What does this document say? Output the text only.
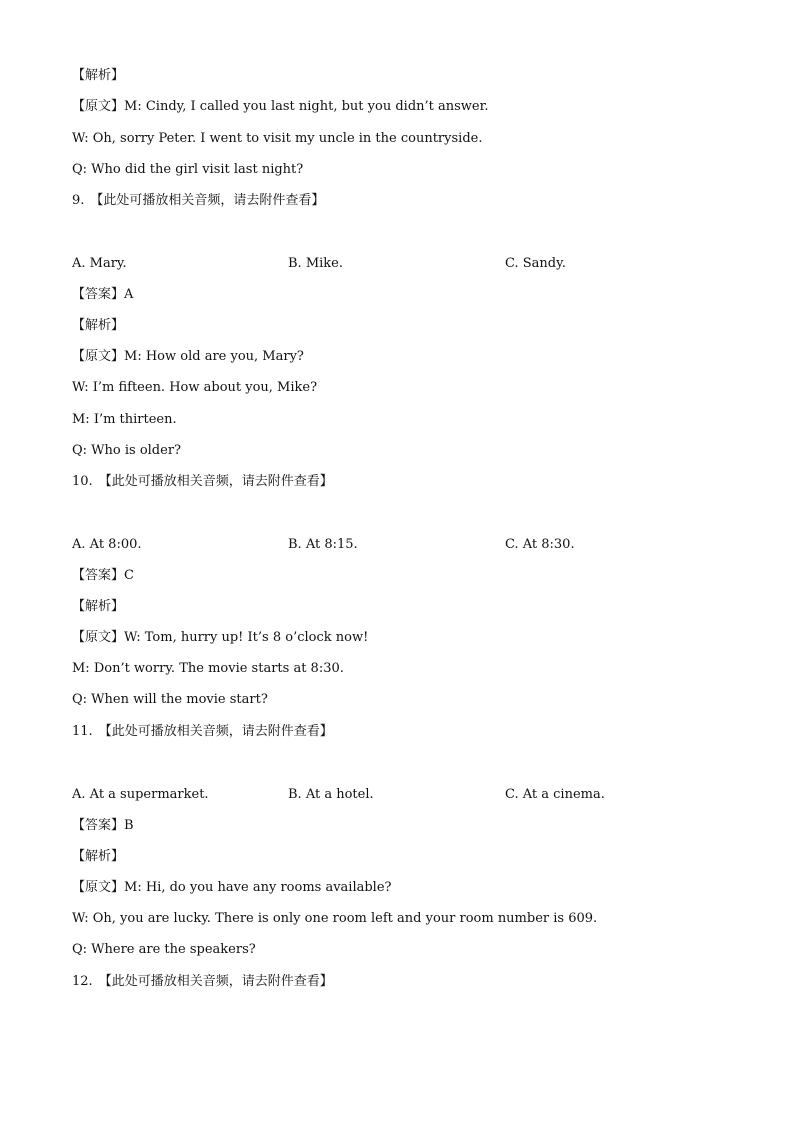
【解析】
【原文】M: Cindy, I called you last night, but you didn’t answer.
W: Oh, sorry Peter. I went to visit my uncle in the countryside.
Q: Who did the girl visit last night?
9. 【此处可播放相关音频，请去附件查看】
A. Mary.	B. Mike.	C. Sandy.
【答案】A
【解析】
【原文】M: How old are you, Mary?
W: I’m fifteen. How about you, Mike?
M: I’m thirteen.
Q: Who is older?
10. 【此处可播放相关音频，请去附件查看】
A. At 8:00.	B. At 8:15.	C. At 8:30.
【答案】C
【解析】
【原文】W: Tom, hurry up! It’s 8 o’clock now!
M: Don’t worry. The movie starts at 8:30.
Q: When will the movie start?
11. 【此处可播放相关音频，请去附件查看】
A. At a supermarket.	B. At a hotel.	C. At a cinema.
【答案】B
【解析】
【原文】M: Hi, do you have any rooms available?
W: Oh, you are lucky. There is only one room left and your room number is 609.
Q: Where are the speakers?
12. 【此处可播放相关音频，请去附件查看】
